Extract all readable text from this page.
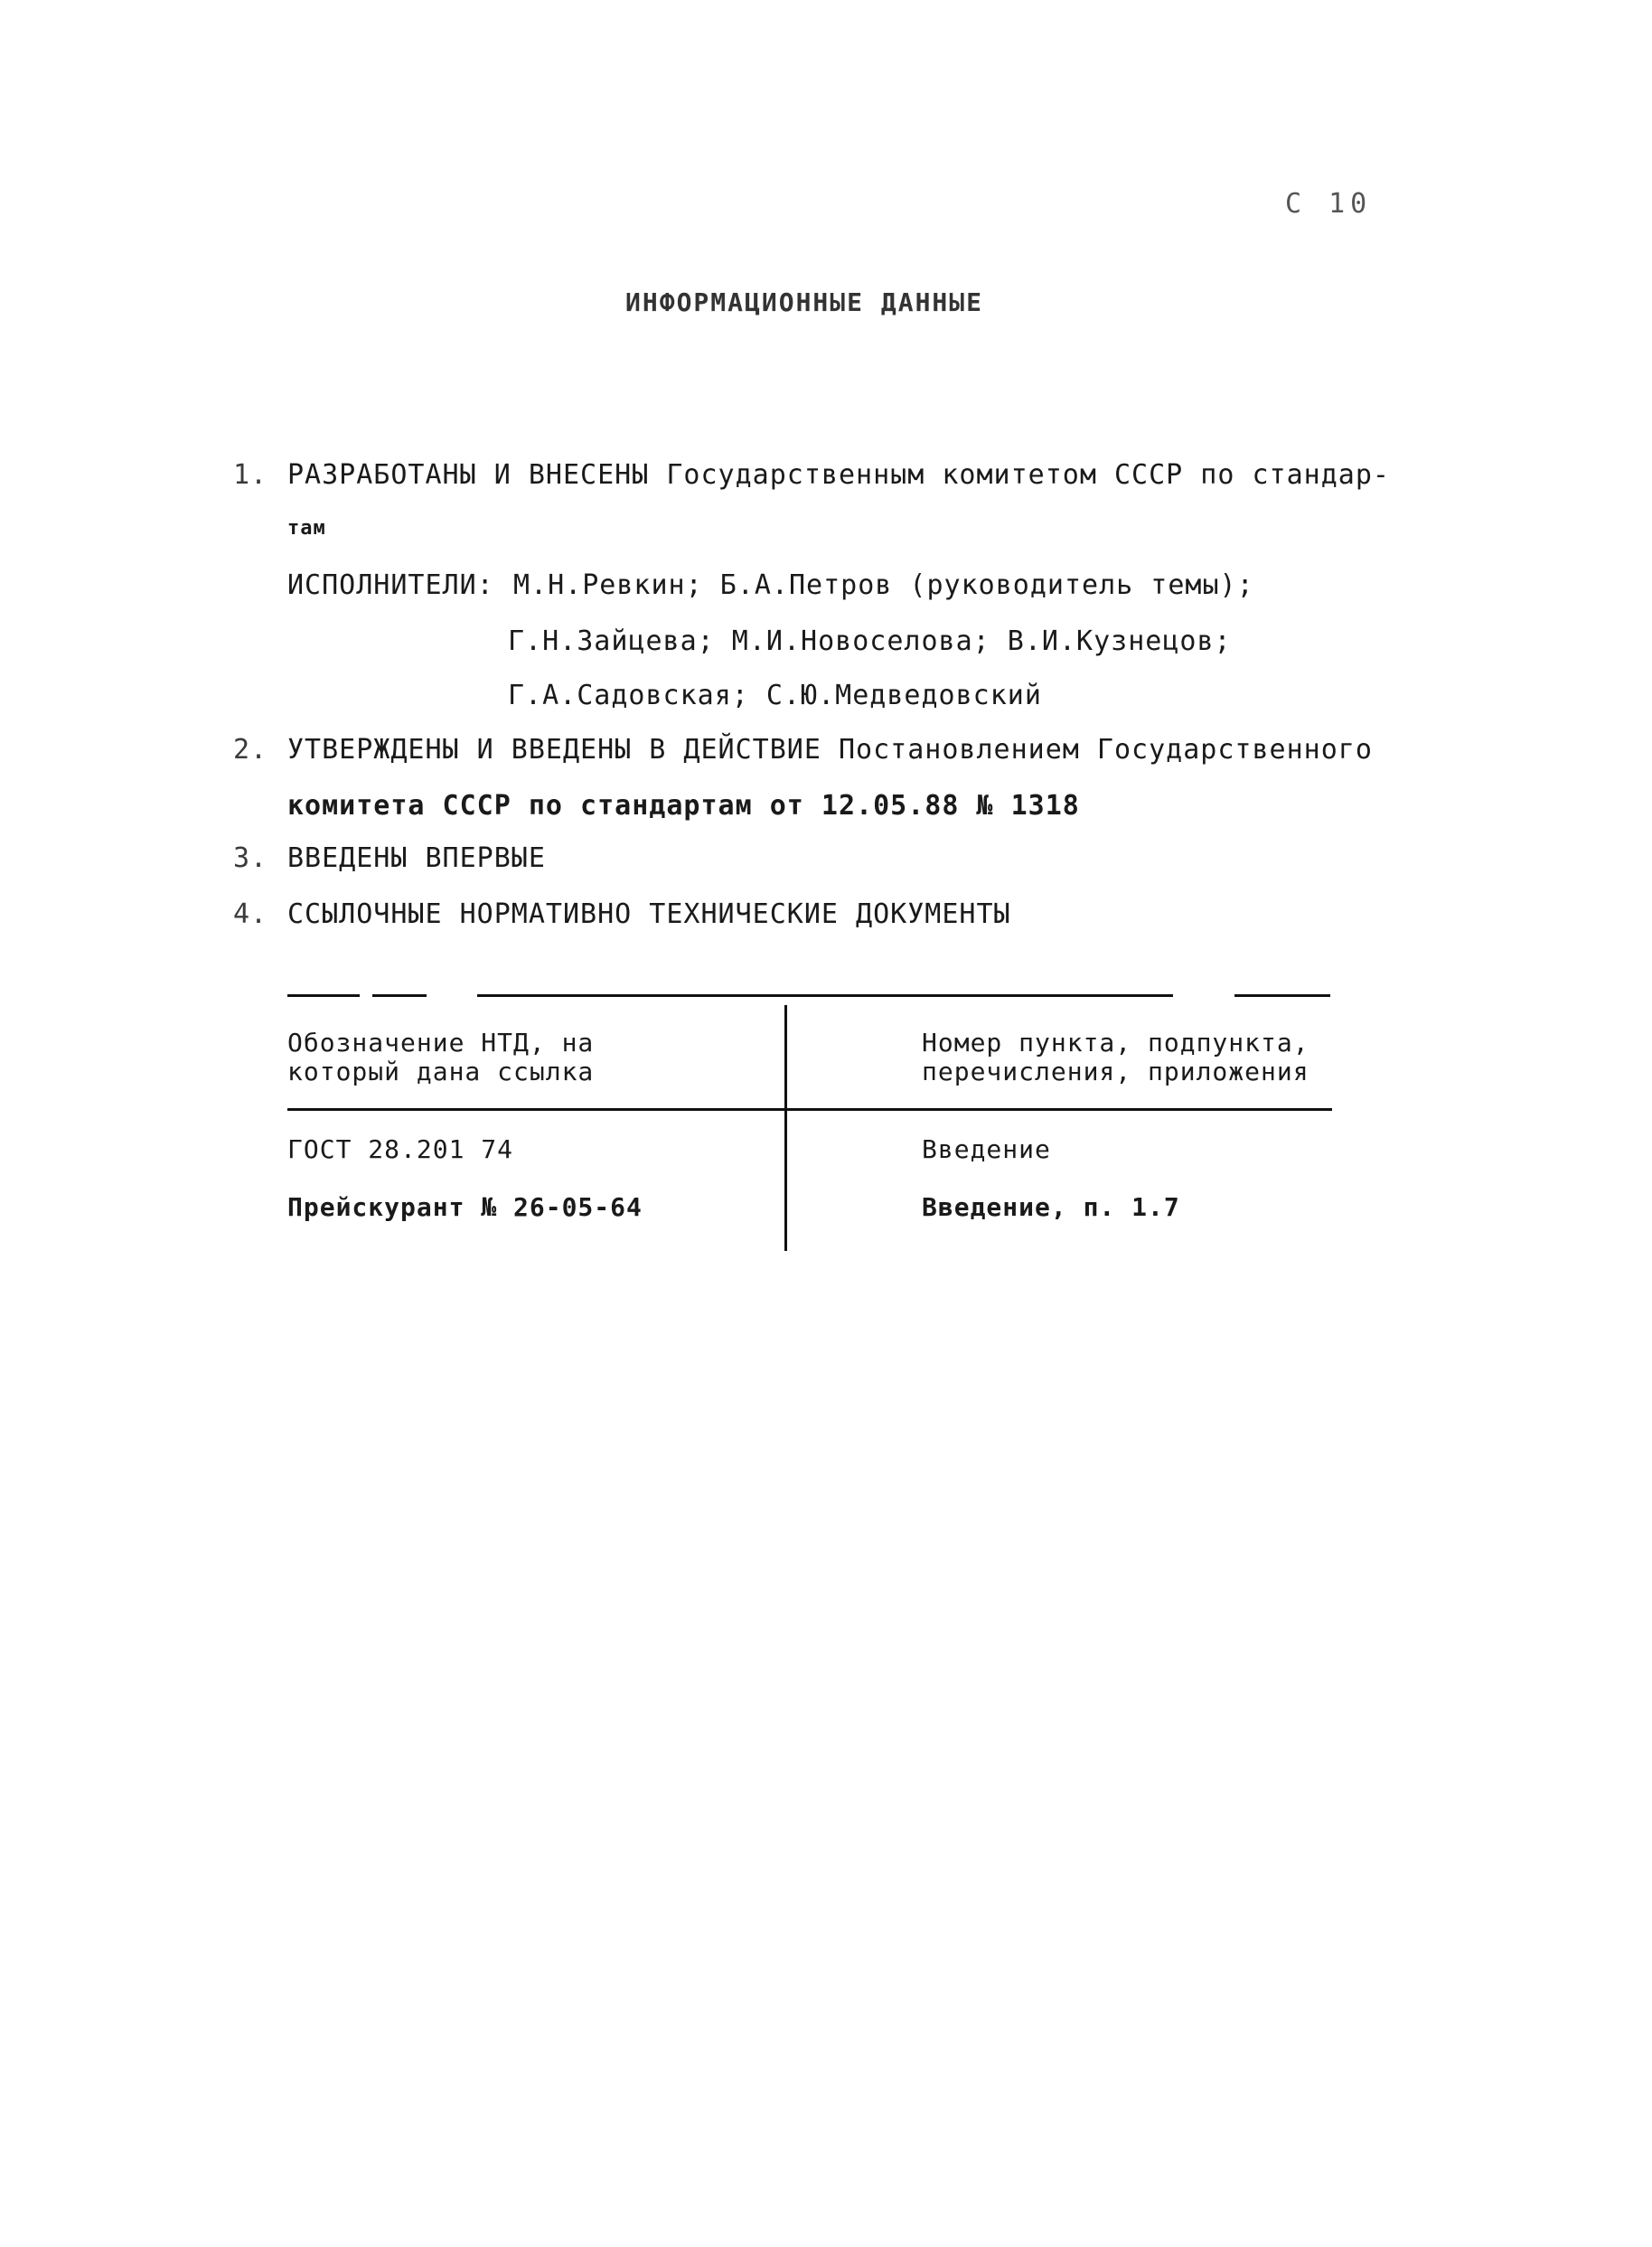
С 10
ИНФОРМАЦИОННЫЕ ДАННЫЕ
1. РАЗРАБОТАНЫ И ВНЕСЕНЫ Государственным комитетом СССР по стандар-
там
ИСПОЛНИТЕЛИ: М.Н.Ревкин; Б.А.Петров (руководитель темы);
Г.Н.Зайцева; М.И.Новоселова; В.И.Кузнецов;
Г.А.Садовская; С.Ю.Медведовский
2. УТВЕРЖДЕНЫ И ВВЕДЕНЫ В ДЕЙСТВИЕ Постановлением Государственного
комитета СССР по стандартам от 12.05.88 № 1318
3. ВВЕДЕНЫ ВПЕРВЫЕ
4. ССЫЛОЧНЫЕ НОРМАТИВНО ТЕХНИЧЕСКИЕ ДОКУМЕНТЫ
Обозначение НТД, на
который дана ссылка
Номер пункта, подпункта,
перечисления, приложения
ГОСТ 28.201 74	Введение
Прейскурант № 26-05-64	Введение, п. 1.7
